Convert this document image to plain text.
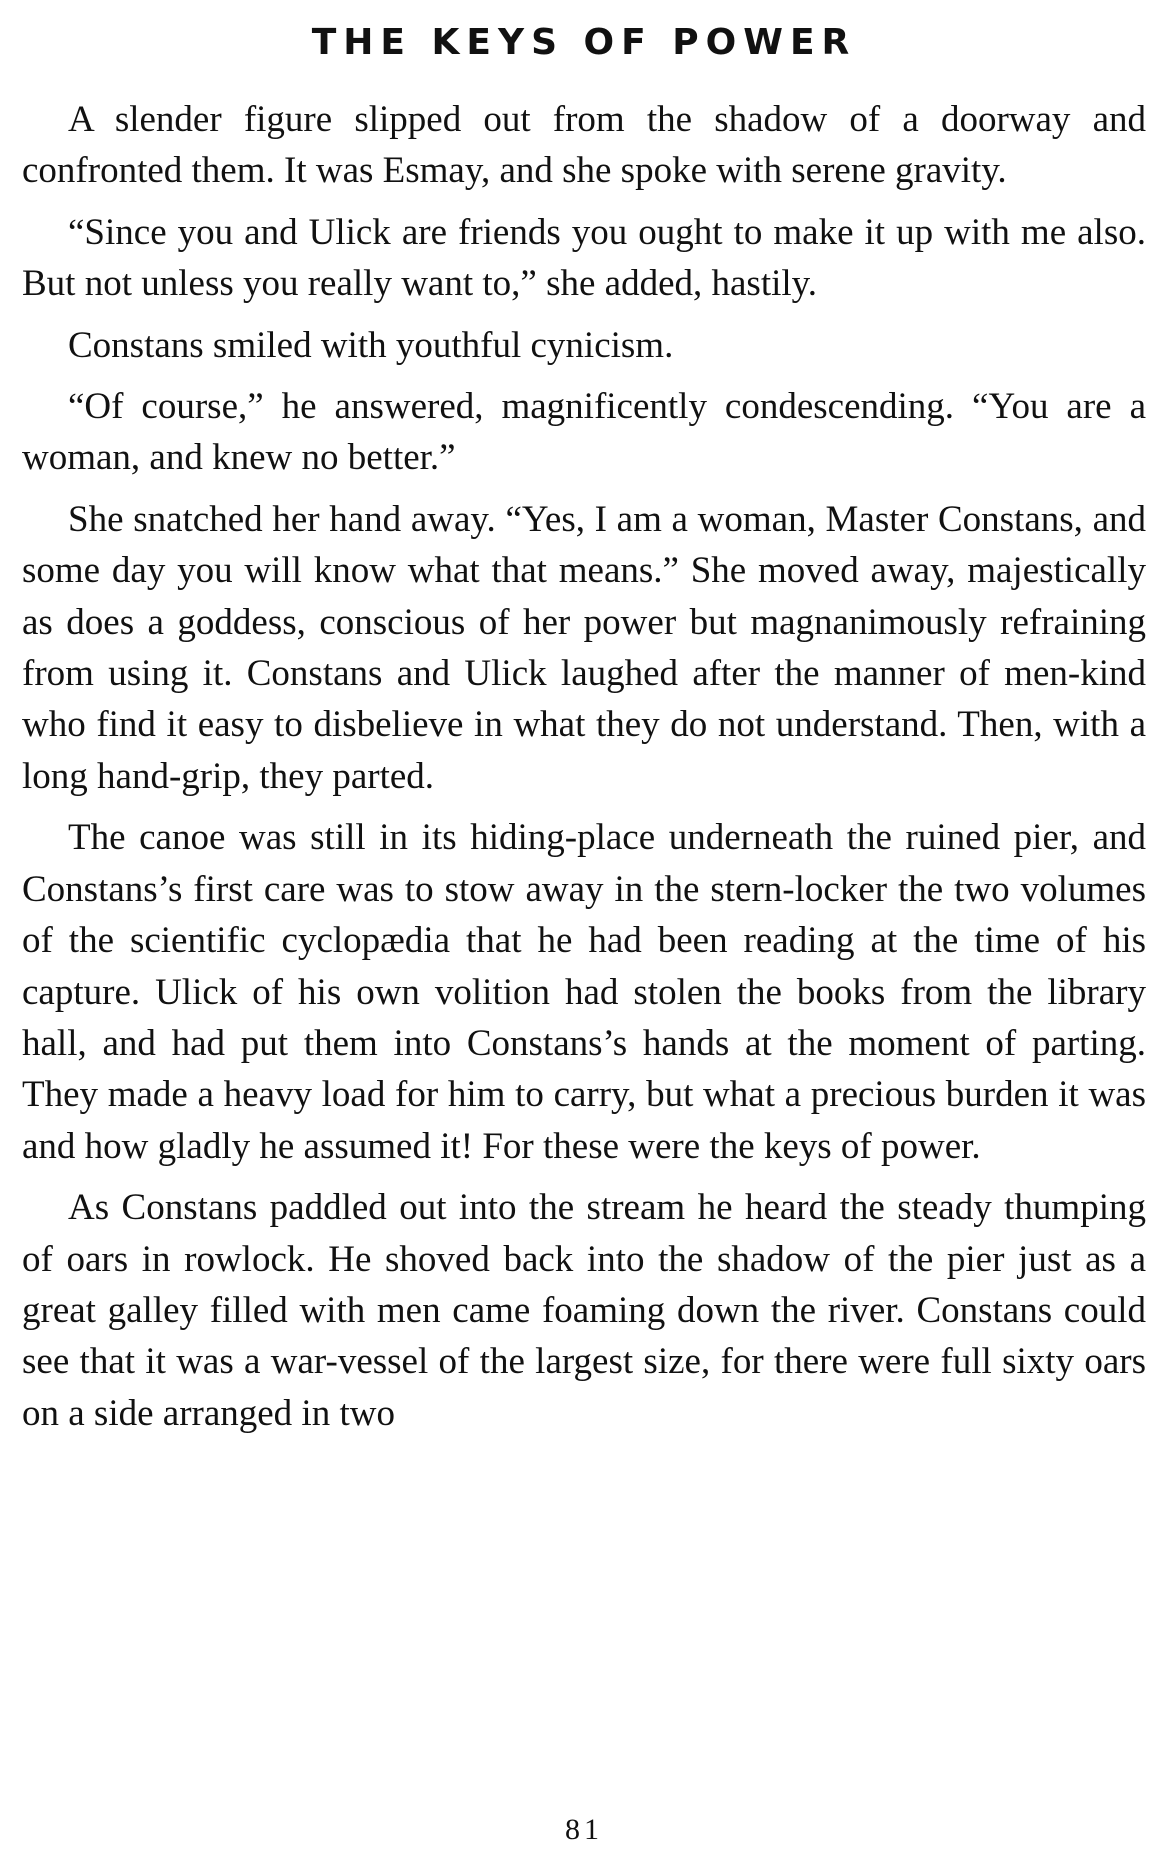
THE KEYS OF POWER

A slender figure slipped out from the shadow of a doorway and confronted them. It was Esmay, and she spoke with serene gravity.

“Since you and Ulick are friends you ought to make it up with me also. But not unless you really want to,” she added, hastily.

Constans smiled with youthful cynicism.

“Of course,” he answered, magnificently condescending. “You are a woman, and knew no better.”

She snatched her hand away. “Yes, I am a woman, Master Constans, and some day you will know what that means.” She moved away, majestically as does a goddess, conscious of her power but magnanimously refraining from using it. Constans and Ulick laughed after the manner of men-kind who find it easy to disbelieve in what they do not understand. Then, with a long hand-grip, they parted.

The canoe was still in its hiding-place underneath the ruined pier, and Constans’s first care was to stow away in the stern-locker the two volumes of the scientific cyclopædia that he had been reading at the time of his capture. Ulick of his own volition had stolen the books from the library hall, and had put them into Constans’s hands at the moment of parting. They made a heavy load for him to carry, but what a precious burden it was and how gladly he assumed it! For these were the keys of power.

As Constans paddled out into the stream he heard the steady thumping of oars in rowlock. He shoved back into the shadow of the pier just as a great galley filled with men came foaming down the river. Constans could see that it was a war-vessel of the largest size, for there were full sixty oars on a side arranged in two

81
